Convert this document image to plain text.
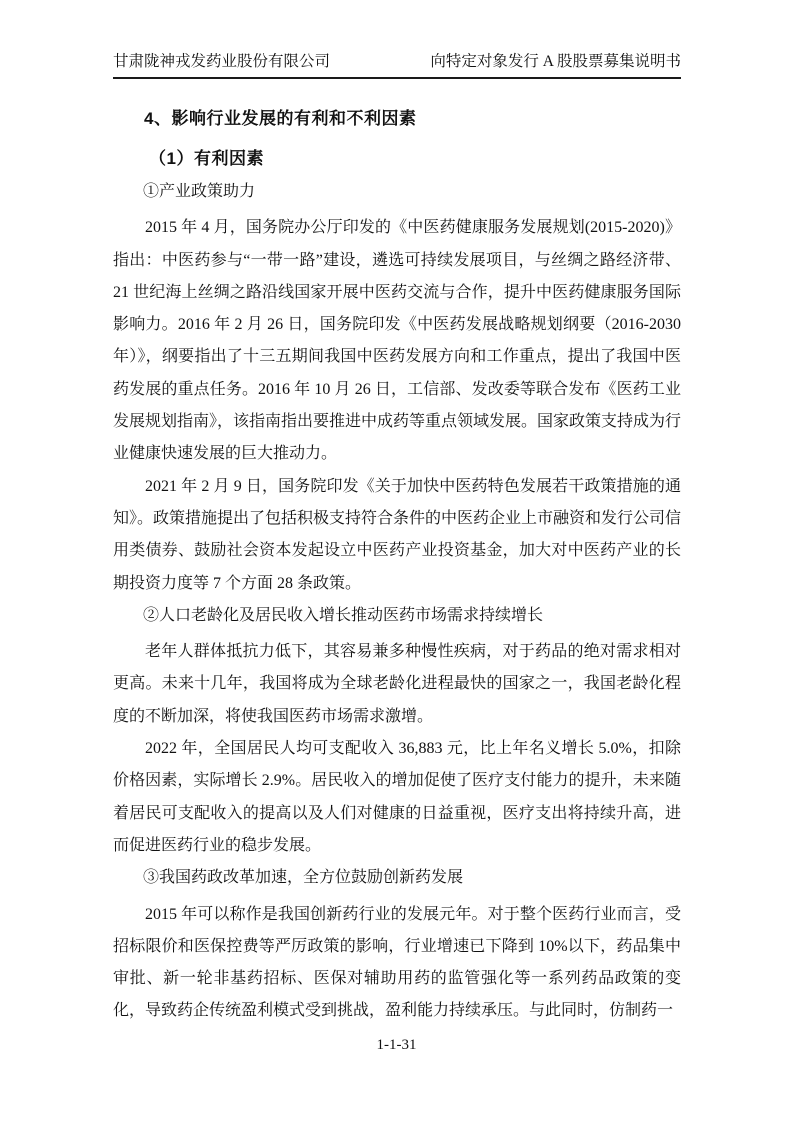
甘肃陇神戎发药业股份有限公司	向特定对象发行 A 股股票募集说明书
4、影响行业发展的有利和不利因素
（1）有利因素

①产业政策助力

2015 年 4 月，国务院办公厅印发的《中医药健康服务发展规划(2015-2020)》指出：中医药参与“一带一路”建设，遴选可持续发展项目，与丝绸之路经济带、21 世纪海上丝绸之路沿线国家开展中医药交流与合作，提升中医药健康服务国际影响力。2016 年 2 月 26 日，国务院印发《中医药发展战略规划纲要（2016-2030 年）》，纲要指出了十三五期间我国中医药发展方向和工作重点，提出了我国中医药发展的重点任务。2016 年 10 月 26 日，工信部、发改委等联合发布《医药工业发展规划指南》，该指南指出要推进中成药等重点领域发展。国家政策支持成为行业健康快速发展的巨大推动力。

2021 年 2 月 9 日，国务院印发《关于加快中医药特色发展若干政策措施的通知》。政策措施提出了包括积极支持符合条件的中医药企业上市融资和发行公司信用类债券、鼓励社会资本发起设立中医药产业投资基金，加大对中医药产业的长期投资力度等 7 个方面 28 条政策。

②人口老龄化及居民收入增长推动医药市场需求持续增长

老年人群体抵抗力低下，其容易兼多种慢性疾病，对于药品的绝对需求相对更高。未来十几年，我国将成为全球老龄化进程最快的国家之一，我国老龄化程度的不断加深，将使我国医药市场需求激增。

2022 年，全国居民人均可支配收入 36,883 元，比上年名义增长 5.0%，扣除价格因素，实际增长 2.9%。居民收入的增加促使了医疗支付能力的提升，未来随着居民可支配收入的提高以及人们对健康的日益重视，医疗支出将持续升高，进而促进医药行业的稳步发展。

③我国药政改革加速，全方位鼓励创新药发展

2015 年可以称作是我国创新药行业的发展元年。对于整个医药行业而言，受招标限价和医保控费等严厉政策的影响，行业增速已下降到 10%以下，药品集中审批、新一轮非基药招标、医保对辅助用药的监管强化等一系列药品政策的变化，导致药企传统盈利模式受到挑战，盈利能力持续承压。与此同时，仿制药一

1-1-31
